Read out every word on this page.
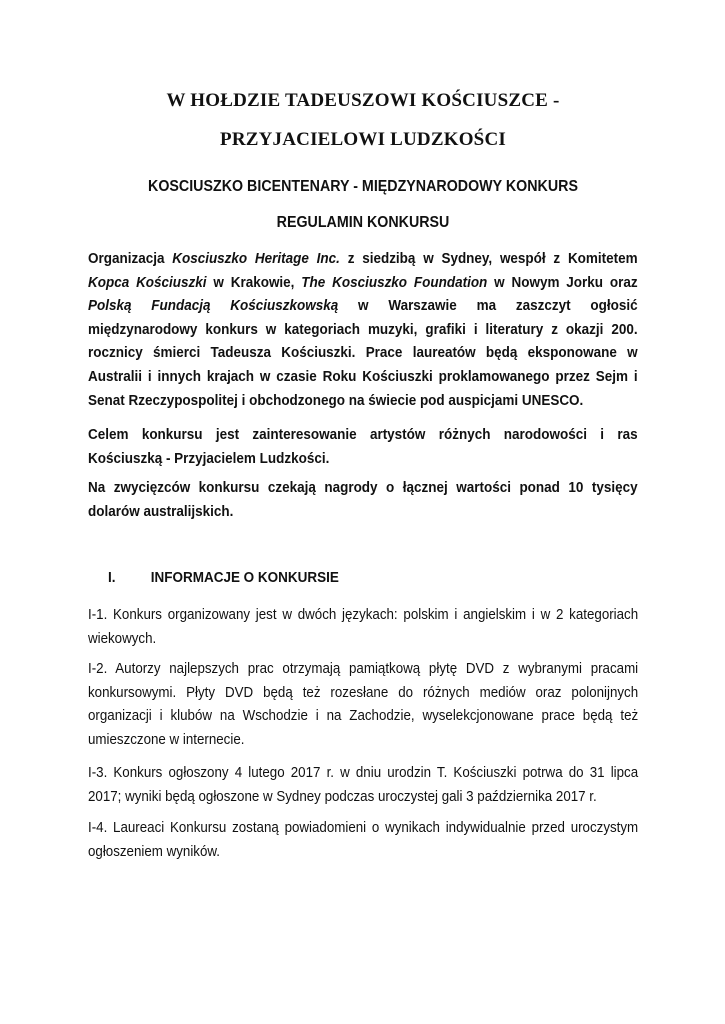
W HOŁDZIE TADEUSZOWI KOŚCIUSZCE -
PRZYJACIELOWI LUDZKOŚCI
KOSCIUSZKO BICENTENARY - MIĘDZYNARODOWY KONKURS
REGULAMIN KONKURSU

Organizacja Kosciuszko Heritage Inc. z siedzibą w Sydney, wespół z Komitetem
Kopca Kościuszki w Krakowie, The Kosciuszko Foundation w Nowym Jorku oraz
Polską Fundacją Kościuszkowską w Warszawie ma zaszczyt ogłosić
międzynarodowy konkurs w kategoriach muzyki, grafiki i literatury z okazji 200.
rocznicy śmierci Tadeusza Kościuszki. Prace laureatów będą eksponowane w
Australii i innych krajach w czasie Roku Kościuszki proklamowanego przez Sejm i
Senat Rzeczypospolitej i obchodzonego na świecie pod auspicjami UNESCO.

Celem konkursu jest zainteresowanie artystów różnych narodowości i ras
Kościuszką - Przyjacielem Ludzkości.

Na zwycięzców konkursu czekają nagrody o łącznej wartości ponad 10 tysięcy
dolarów australijskich.

I. INFORMACJE O KONKURSIE

I-1. Konkurs organizowany jest w dwóch językach: polskim i angielskim i w 2 kategoriach
wiekowych.

I-2. Autorzy najlepszych prac otrzymają pamiątkową płytę DVD z wybranymi pracami
konkursowymi. Płyty DVD będą też rozesłane do różnych mediów oraz polonijnych
organizacji i klubów na Wschodzie i na Zachodzie, wyselekcjonowane prace będą też
umieszczone w internecie.

I-3. Konkurs ogłoszony 4 lutego 2017 r. w dniu urodzin T. Kościuszki potrwa do 31 lipca
2017; wyniki będą ogłoszone w Sydney podczas uroczystej gali 3 października 2017 r.

I-4. Laureaci Konkursu zostaną powiadomieni o wynikach indywidualnie przed uroczystym
ogłoszeniem wyników.
